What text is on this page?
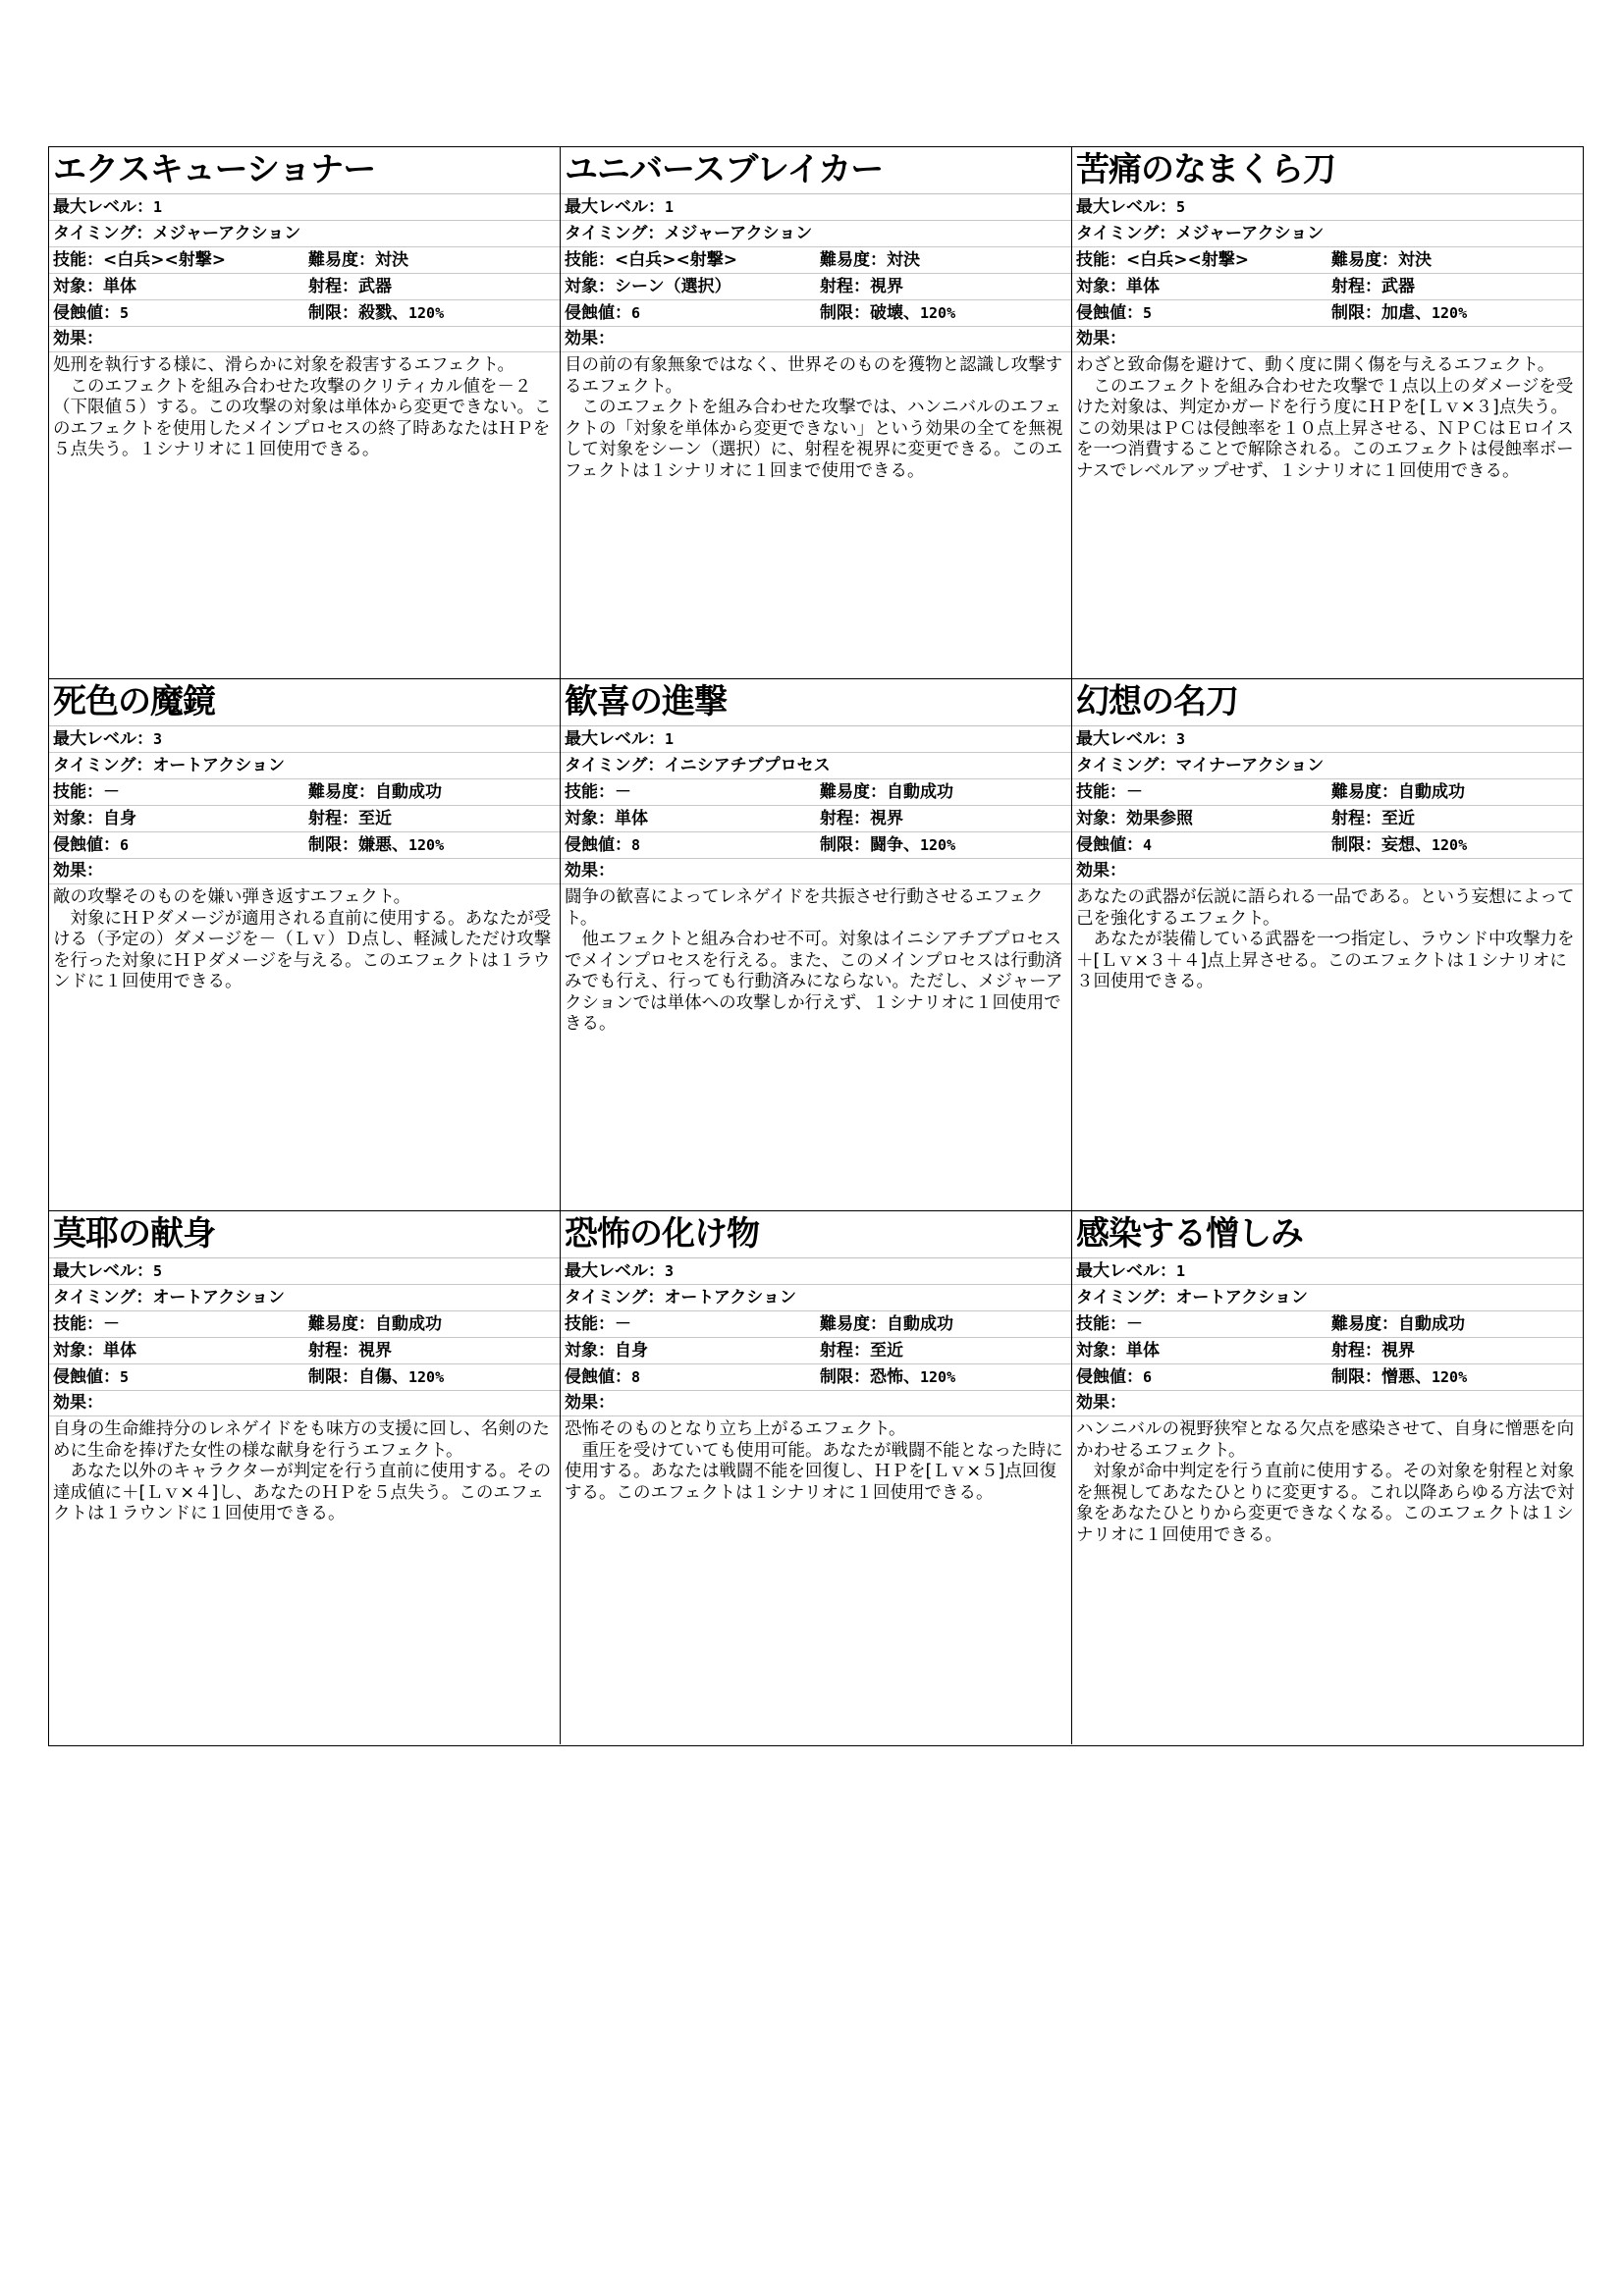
エクスキューショナー
最大レベル：1
タイミング：メジャーアクション
技能：<白兵><射撃>	難易度：対決
対象：単体	射程：武器
侵蝕値：5	制限：殺戮、120%
効果：
処刑を執行する様に、滑らかに対象を殺害するエフェクト。
　このエフェクトを組み合わせた攻撃のクリティカル値を－２（下限値５）する。この攻撃の対象は単体から変更できない。このエフェクトを使用したメインプロセスの終了時あなたはＨＰを５点失う。１シナリオに１回使用できる。
ユニバースブレイカー
最大レベル：1
タイミング：メジャーアクション
技能：<白兵><射撃>	難易度：対決
対象：シーン（選択）	射程：視界
侵蝕値：6	制限：破壊、120%
効果：
目の前の有象無象ではなく、世界そのものを獲物と認識し攻撃するエフェクト。
　このエフェクトを組み合わせた攻撃では、ハンニバルのエフェクトの「対象を単体から変更できない」という効果の全てを無視して対象をシーン（選択）に、射程を視界に変更できる。このエフェクトは１シナリオに１回まで使用できる。
苦痛のなまくら刀
最大レベル：5
タイミング：メジャーアクション
技能：<白兵><射撃>	難易度：対決
対象：単体	射程：武器
侵蝕値：5	制限：加虐、120%
効果：
わざと致命傷を避けて、動く度に開く傷を与えるエフェクト。
　このエフェクトを組み合わせた攻撃で１点以上のダメージを受けた対象は、判定かガードを行う度にＨＰを[Ｌｖ×３]点失う。この効果はＰＣは侵蝕率を１０点上昇させる、ＮＰＣはＥロイスを一つ消費することで解除される。このエフェクトは侵蝕率ボーナスでレベルアップせず、１シナリオに１回使用できる。
死色の魔鏡
最大レベル：3
タイミング：オートアクション
技能：－	難易度：自動成功
対象：自身	射程：至近
侵蝕値：6	制限：嫌悪、120%
効果：
敵の攻撃そのものを嫌い弾き返すエフェクト。
　対象にＨＰダメージが適用される直前に使用する。あなたが受ける（予定の）ダメージを－（Ｌｖ）Ｄ点し、軽減しただけ攻撃を行った対象にＨＰダメージを与える。このエフェクトは１ラウンドに１回使用できる。
歓喜の進撃
最大レベル：1
タイミング：イニシアチブプロセス
技能：－	難易度：自動成功
対象：単体	射程：視界
侵蝕値：8	制限：闘争、120%
効果：
闘争の歓喜によってレネゲイドを共振させ行動させるエフェクト。
　他エフェクトと組み合わせ不可。対象はイニシアチブプロセスでメインプロセスを行える。また、このメインプロセスは行動済みでも行え、行っても行動済みにならない。ただし、メジャーアクションでは単体への攻撃しか行えず、１シナリオに１回使用できる。
幻想の名刀
最大レベル：3
タイミング：マイナーアクション
技能：－	難易度：自動成功
対象：効果参照	射程：至近
侵蝕値：4	制限：妄想、120%
効果：
あなたの武器が伝説に語られる一品である。という妄想によって己を強化するエフェクト。
　あなたが装備している武器を一つ指定し、ラウンド中攻撃力を＋[Ｌｖ×３＋４]点上昇させる。このエフェクトは１シナリオに３回使用できる。
莫耶の献身
最大レベル：5
タイミング：オートアクション
技能：－	難易度：自動成功
対象：単体	射程：視界
侵蝕値：5	制限：自傷、120%
効果：
自身の生命維持分のレネゲイドをも味方の支援に回し、名剣のために生命を捧げた女性の様な献身を行うエフェクト。
　あなた以外のキャラクターが判定を行う直前に使用する。その達成値に＋[Ｌｖ×４]し、あなたのＨＰを５点失う。このエフェクトは１ラウンドに１回使用できる。
恐怖の化け物
最大レベル：3
タイミング：オートアクション
技能：－	難易度：自動成功
対象：自身	射程：至近
侵蝕値：8	制限：恐怖、120%
効果：
恐怖そのものとなり立ち上がるエフェクト。
　重圧を受けていても使用可能。あなたが戦闘不能となった時に使用する。あなたは戦闘不能を回復し、ＨＰを[Ｌｖ×５]点回復する。このエフェクトは１シナリオに１回使用できる。
感染する憎しみ
最大レベル：1
タイミング：オートアクション
技能：－	難易度：自動成功
対象：単体	射程：視界
侵蝕値：6	制限：憎悪、120%
効果：
ハンニバルの視野狭窄となる欠点を感染させて、自身に憎悪を向かわせるエフェクト。
　対象が命中判定を行う直前に使用する。その対象を射程と対象を無視してあなたひとりに変更する。これ以降あらゆる方法で対象をあなたひとりから変更できなくなる。このエフェクトは１シナリオに１回使用できる。
